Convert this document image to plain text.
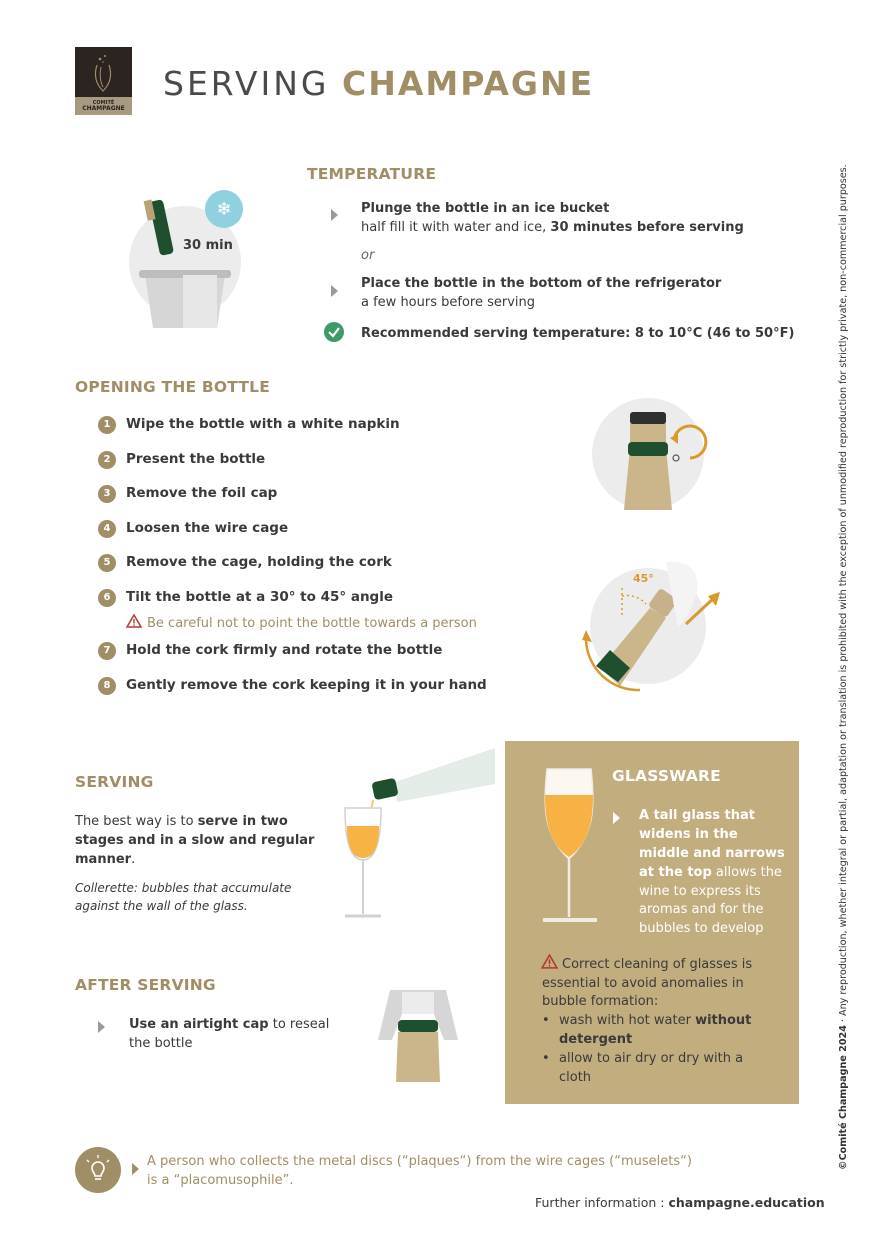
COMITÉ
CHAMPAGNE
SERVING CHAMPAGNE
❄
30 min
TEMPERATURE
Plunge the bottle in an ice bucket
half fill it with water and ice, 30 minutes before serving
or
Place the bottle in the bottom of the refrigerator
a few hours before serving
Recommended serving temperature: 8 to 10°C (46 to 50°F)
OPENING THE BOTTLE
1	Wipe the bottle with a white napkin
2	Present the bottle
3	Remove the foil cap
4	Loosen the wire cage
5	Remove the cage, holding the cork
6	Tilt the bottle at a 30° to 45° angle
Be careful not to point the bottle towards a person
7	Hold the cork firmly and rotate the bottle
8	Gently remove the cork keeping it in your hand
45°
SERVING
The best way is to serve in two
stages and in a slow and regular
manner.
Collerette: bubbles that accumulate
against the wall of the glass.
GLASSWARE
A tall glass that
widens in the
middle and narrows
at the top allows the
wine to express its
aromas and for the
bubbles to develop
Correct cleaning of glasses is
essential to avoid anomalies in
bubble formation:
• wash with hot water without
detergent
• allow to air dry or dry with a
cloth
AFTER SERVING
Use an airtight cap to reseal
the bottle
A person who collects the metal discs (“plaques“) from the wire cages (“muselets“)
is a “placomusophile”.
Further information : champagne.education
©Comité Champagne 2024 · Any reproduction, whether integral or partial, adaptation or translation is prohibited with the exception of unmodified reproduction for strictly private, non-commercial purposes.
